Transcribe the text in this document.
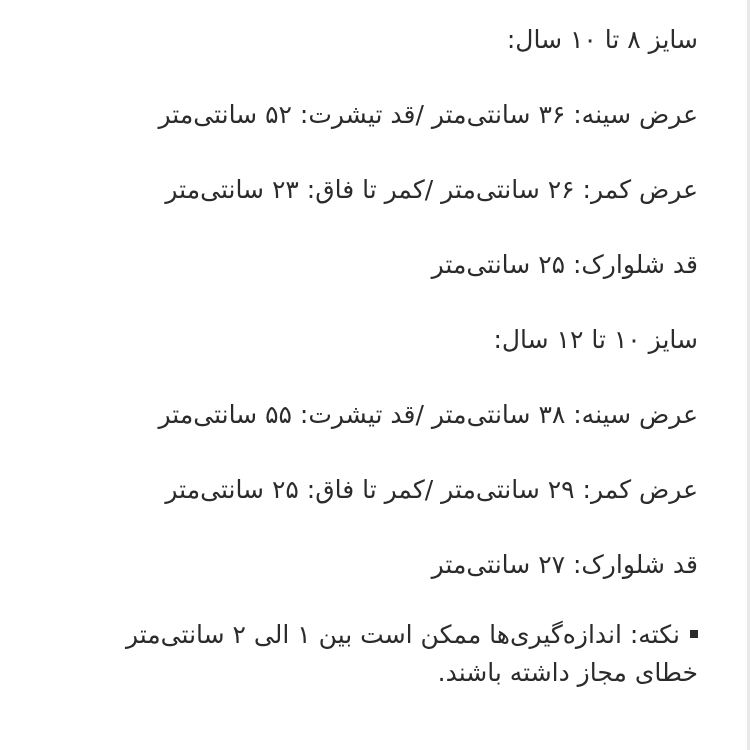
سایز ۸ تا ۱۰ سال:
عرض سینه: ۳۶ سانتی‌متر /قد تیشرت: ۵۲ سانتی‌متر
عرض کمر: ۲۶ سانتی‌متر /کمر تا فاق: ۲۳ سانتی‌متر
قد شلوارک: ۲۵ سانتی‌متر
سایز ۱۰ تا ۱۲ سال:
عرض سینه: ۳۸ سانتی‌متر /قد تیشرت: ۵۵ سانتی‌متر
عرض کمر: ۲۹ سانتی‌متر /کمر تا فاق: ۲۵ سانتی‌متر
قد شلوارک: ۲۷ سانتی‌متر
نکته: اندازه‌گیری‌ها ممکن است بین ۱ الی ۲ سانتی‌متر خطای مجاز داشته باشند.
